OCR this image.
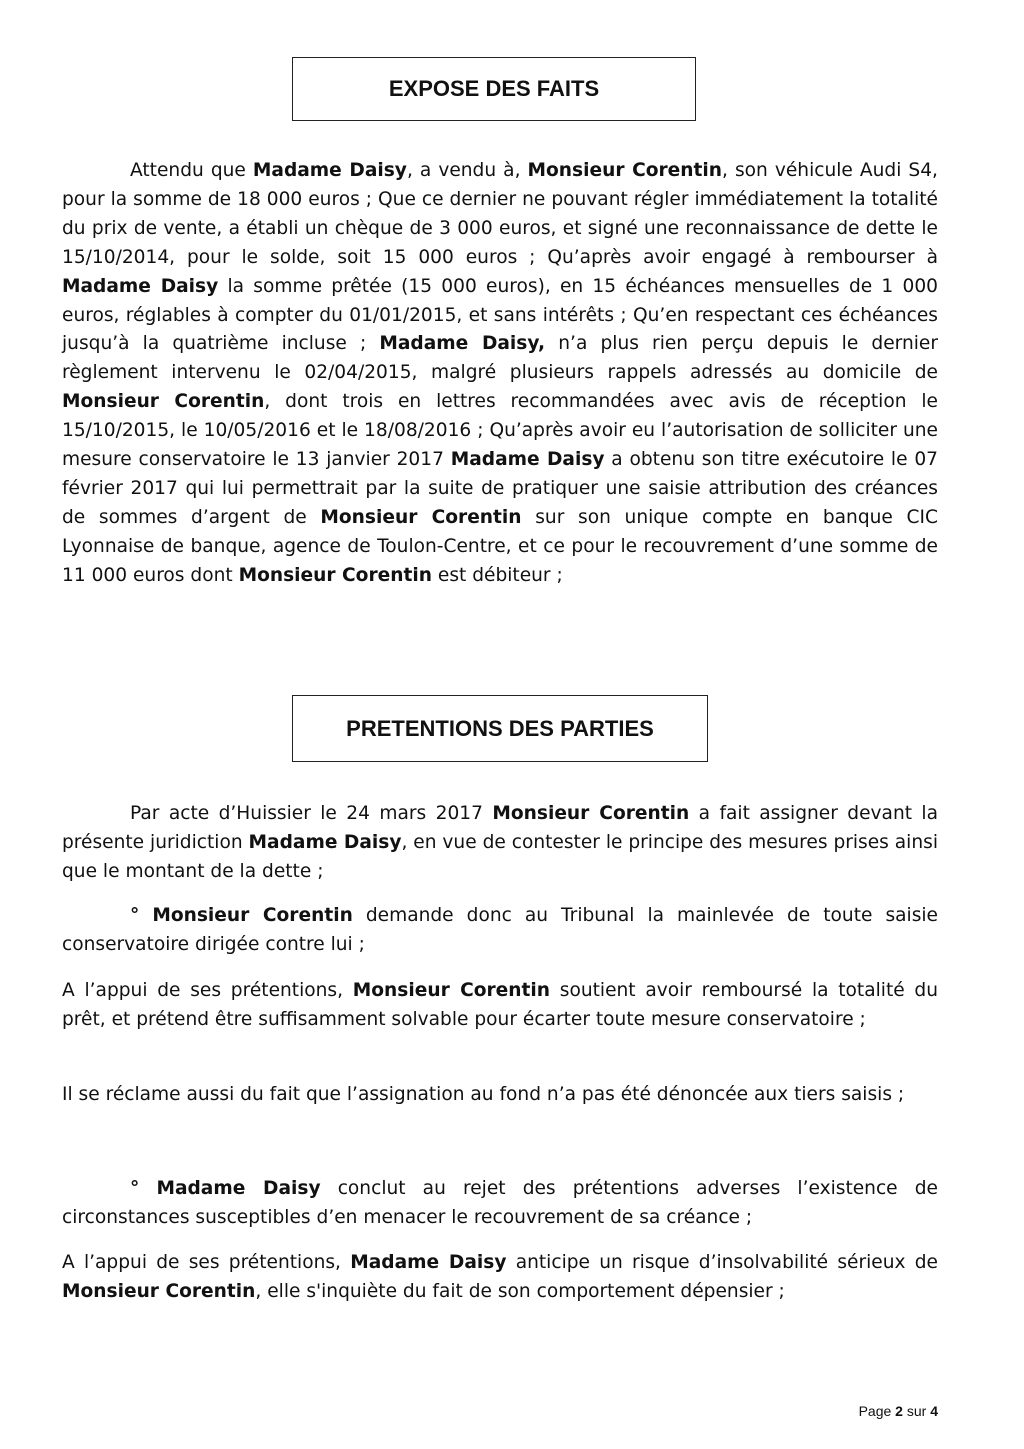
EXPOSE DES FAITS

Attendu que Madame Daisy, a vendu à, Monsieur Corentin, son véhicule Audi S4, pour la somme de 18 000 euros ; Que ce dernier ne pouvant régler immédiatement la totalité du prix de vente, a établi un chèque de 3 000 euros, et signé une reconnaissance de dette le 15/10/2014, pour le solde, soit 15 000 euros ; Qu’après avoir engagé à rembourser à Madame Daisy la somme prêtée (15 000 euros), en 15 échéances mensuelles de 1 000 euros, réglables à compter du 01/01/2015, et sans intérêts ; Qu’en respectant ces échéances jusqu’à la quatrième incluse ; Madame Daisy, n’a plus rien perçu depuis le dernier règlement intervenu le 02/04/2015, malgré plusieurs rappels adressés au domicile de Monsieur Corentin, dont trois en lettres recommandées avec avis de réception le 15/10/2015, le 10/05/2016 et le 18/08/2016 ; Qu’après avoir eu l’autorisation de solliciter une mesure conservatoire le 13 janvier 2017 Madame Daisy a obtenu son titre exécutoire le 07 février 2017 qui lui permettrait par la suite de pratiquer une saisie attribution des créances de sommes d’argent de Monsieur Corentin sur son unique compte en banque CIC Lyonnaise de banque, agence de Toulon-Centre, et ce pour le recouvrement d’une somme de 11 000 euros dont Monsieur Corentin est débiteur ;

PRETENTIONS DES PARTIES

Par acte d’Huissier le 24 mars 2017 Monsieur Corentin a fait assigner devant la présente juridiction Madame Daisy, en vue de contester le principe des mesures prises ainsi que le montant de la dette ;

° Monsieur Corentin demande donc au Tribunal la mainlevée de toute saisie conservatoire dirigée contre lui ;

A l’appui de ses prétentions, Monsieur Corentin soutient avoir remboursé la totalité du prêt, et prétend être suffisamment solvable pour écarter toute mesure conservatoire ;

Il se réclame aussi du fait que l’assignation au fond n’a pas été dénoncée aux tiers saisis ;

° Madame Daisy conclut au rejet des prétentions adverses l’existence de circonstances susceptibles d’en menacer le recouvrement de sa créance ;

A l’appui de ses prétentions, Madame Daisy anticipe un risque d’insolvabilité sérieux de Monsieur Corentin, elle s'inquiète du fait de son comportement dépensier ;

Page 2 sur 4
